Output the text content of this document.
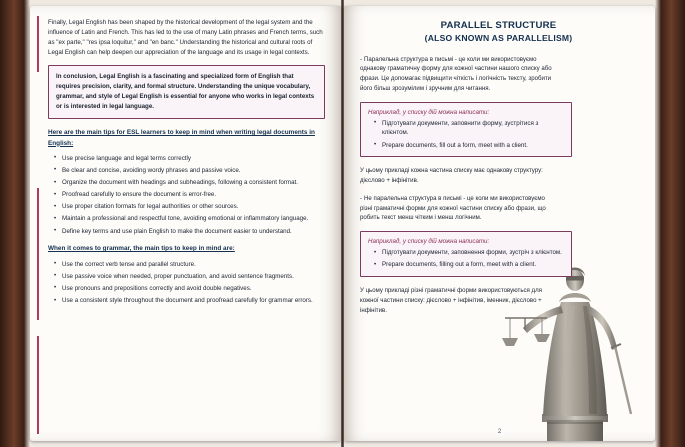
Finally, Legal English has been shaped by the historical development of the legal system and the influence of Latin and French. This has led to the use of many Latin phrases and French terms, such as "ex parte," "res ipsa loquitur," and "en banc." Understanding the historical and cultural roots of Legal English can help deepen our appreciation of the language and its usage in legal contexts.

In conclusion, Legal English is a fascinating and specialized form of English that requires precision, clarity, and formal structure. Understanding the unique vocabulary, grammar, and style of Legal English is essential for anyone who works in legal contexts or is interested in legal language.

Here are the main tips for ESL learners to keep in mind when writing legal documents in English:

• Use precise language and legal terms correctly
• Be clear and concise, avoiding wordy phrases and passive voice.
• Organize the document with headings and subheadings, following a consistent format.
• Proofread carefully to ensure the document is error-free.
• Use proper citation formats for legal authorities or other sources.
• Maintain a professional and respectful tone, avoiding emotional or inflammatory language.
• Define key terms and use plain English to make the document easier to understand.

When it comes to grammar, the main tips to keep in mind are:

• Use the correct verb tense and parallel structure.
• Use passive voice when needed, proper punctuation, and avoid sentence fragments.
• Use pronouns and prepositions correctly and avoid double negatives.
• Use a consistent style throughout the document and proofread carefully for grammar errors.
PARALLEL STRUCTURE
(ALSO KNOWN AS PARALLELISM)

- Паралельна структура в письмі - це коли ми використовуємо однакову граматичну форму для кожної частини нашого списку або фрази. Це допомагає підвищити чіткість і логічність тексту, зробити його більш зрозумілим і зручним для читання.

Наприклад, у списку дій можна написати:

• Підготувати документи, заповнити форму, зустрітися з клієнтом.
• Prepare documents, fill out a form, meet with a client.

У цьому прикладі кожна частина списку має однакову структуру: дієслово + інфінітив.

- Не паралельна структура в письмі - це коли ми використовуємо різні граматичні форми для кожної частини списку або фрази, що робить текст менш чітким і менш логічним.

Наприклад, у списку дій можна написати:

• Підготувати документи, заповнення форми, зустріч з клієнтом.
• Prepare documents, filling out a form, meet with a client.

У цьому прикладі різні граматичні форми використовуються для кожної частини списку: дієслово + інфінітив, іменник, дієслово + інфінітив.

2
